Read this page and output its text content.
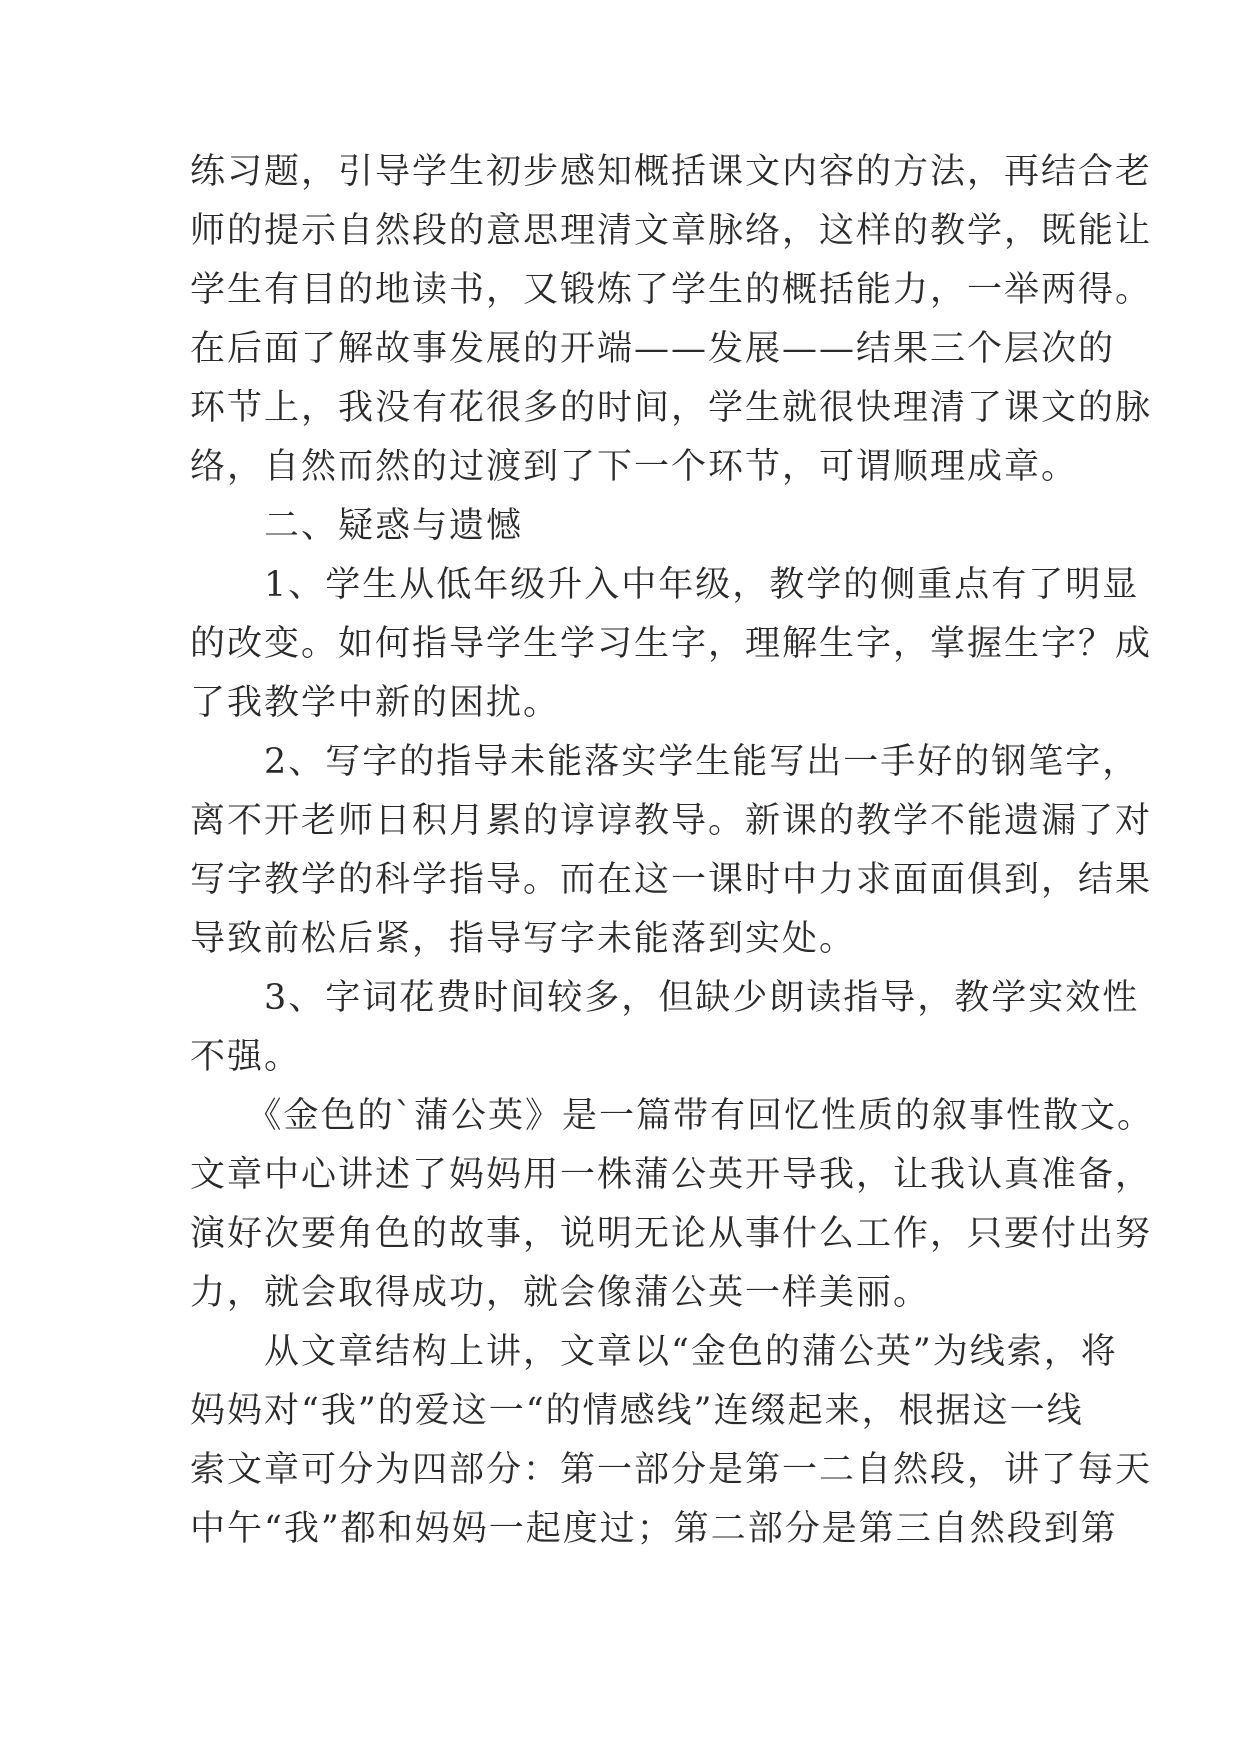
练习题，引导学生初步感知概括课文内容的方法，再结合老
师的提示自然段的意思理清文章脉络，这样的教学，既能让
学生有目的地读书，又锻炼了学生的概括能力，一举两得。
在后面了解故事发展的开端——发展——结果三个层次的
环节上，我没有花很多的时间，学生就很快理清了课文的脉
络，自然而然的过渡到了下一个环节，可谓顺理成章。

　　二、疑惑与遗憾

　　1、学生从低年级升入中年级，教学的侧重点有了明显
的改变。如何指导学生学习生字，理解生字，掌握生字？成
了我教学中新的困扰。

　　2、写字的指导未能落实学生能写出一手好的钢笔字，
离不开老师日积月累的谆谆教导。新课的教学不能遗漏了对
写字教学的科学指导。而在这一课时中力求面面俱到，结果
导致前松后紧，指导写字未能落到实处。

　　3、字词花费时间较多，但缺少朗读指导，教学实效性
不强。

　　《金色的`蒲公英》是一篇带有回忆性质的叙事性散文。
文章中心讲述了妈妈用一株蒲公英开导我，让我认真准备，
演好次要角色的故事，说明无论从事什么工作，只要付出努
力，就会取得成功，就会像蒲公英一样美丽。

　　从文章结构上讲，文章以“金色的蒲公英”为线索，将
妈妈对“我”的爱这一“的情感线”连缀起来，根据这一线
索文章可分为四部分：第一部分是第一二自然段，讲了每天
中午“我”都和妈妈一起度过；第二部分是第三自然段到第
